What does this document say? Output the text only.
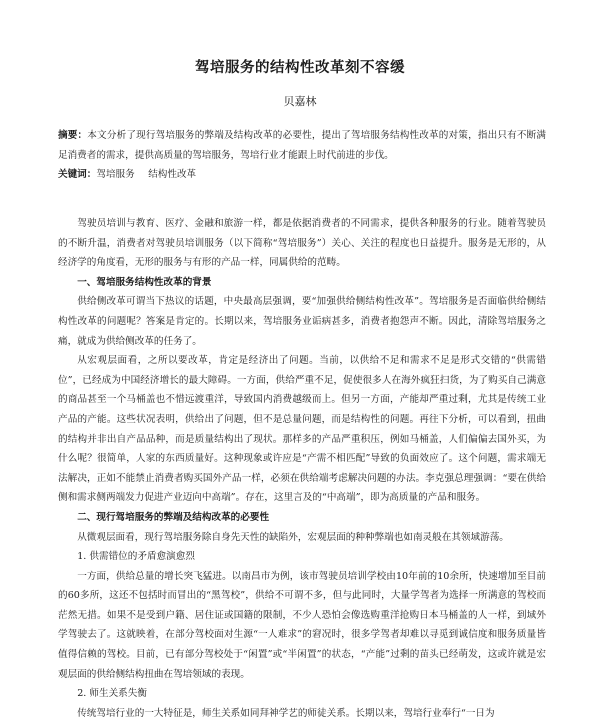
驾培服务的结构性改革刻不容缓
贝嘉林

摘要：本文分析了现行驾培服务的弊端及结构改革的必要性，提出了驾培服务结构性改革的对策，指出只有不断满足消费者的需求，提供高质量的驾培服务，驾培行业才能跟上时代前进的步伐。

关键词：驾培服务 结构性改革

驾驶员培训与教育、医疗、金融和旅游一样，都是依据消费者的不同需求，提供各种服务的行业。随着驾驶员的不断升温，消费者对驾驶员培训服务（以下简称“驾培服务”）关心、关注的程度也日益提升。服务是无形的，从经济学的角度看，无形的服务与有形的产品一样，同属供给的范畴。

一、驾培服务结构性改革的背景

供给侧改革可谓当下热议的话题，中央最高层强调，要“加强供给侧结构性改革”。驾培服务是否面临供给侧结构性改革的问题呢？答案是肯定的。长期以来，驾培服务业诟病甚多，消费者抱怨声不断。因此，清除驾培服务之痛，就成为供给侧改革的任务了。

从宏观层面看，之所以要改革，肯定是经济出了问题。当前，以供给不足和需求不足是形式交错的“供需错位”，已经成为中国经济增长的最大障碍。一方面，供给严重不足，促使很多人在海外疯狂扫货，为了购买自己满意的商品甚至一个马桶盖也不惜远渡重洋，导致国内消费越级而上。但另一方面，产能却严重过剩，尤其是传统工业产品的产能。这些状况表明，供给出了问题，但不是总量问题，而是结构性的问题。再往下分析，可以看到，扭曲的结构并非出自产品品种，而是质量结构出了现状。那样多的产品严重积压，例如马桶盖，人们偏偏去国外买，为什么呢？很简单，人家的东西质量好。这种现象或许应是“产需不相匹配”导致的负面效应了。这个问题，需求端无法解决，正如不能禁止消费者购买国外产品一样，必须在供给端考虑解决问题的办法。李克强总理强调：“要在供给侧和需求侧两端发力促进产业迈向中高端”。存在，这里言及的“中高端”，即为高质量的产品和服务。

二、现行驾培服务的弊端及结构改革的必要性

从微观层面看，现行驾培服务除自身先天性的缺陷外，宏观层面的种种弊端也如南灵般在其领域游荡。

1. 供需错位的矛盾愈演愈烈

一方面，供给总量的增长突飞猛进。以南昌市为例，该市驾驶员培训学校由10年前的10余所，快速增加至目前的60多所，这还不包括时而冒出的“黑驾校”，供给不可谓不多，但与此同时，大量学驾者为选择一所满意的驾校而茫然无措。如果不是受到户籍、居住证或国籍的限制，不少人恐怕会像选购重洋抢购日本马桶盖的人一样，到域外学驾驶去了。这就映着，在部分驾校面对生源“一人难求”的窘况时，很多学驾者却难以寻觅到诚信度和服务质量皆值得信赖的驾校。目前，已有部分驾校处于“闲置”或“半闲置”的状态，“产能”过剩的苗头已经萌发，这或许就是宏观层面的供给侧结构扭曲在驾培领域的表现。

2. 师生关系失衡

传统驾培行业的一大特征是，师生关系如同拜神学艺的师徒关系。长期以来，驾培行业奉行“一日为
